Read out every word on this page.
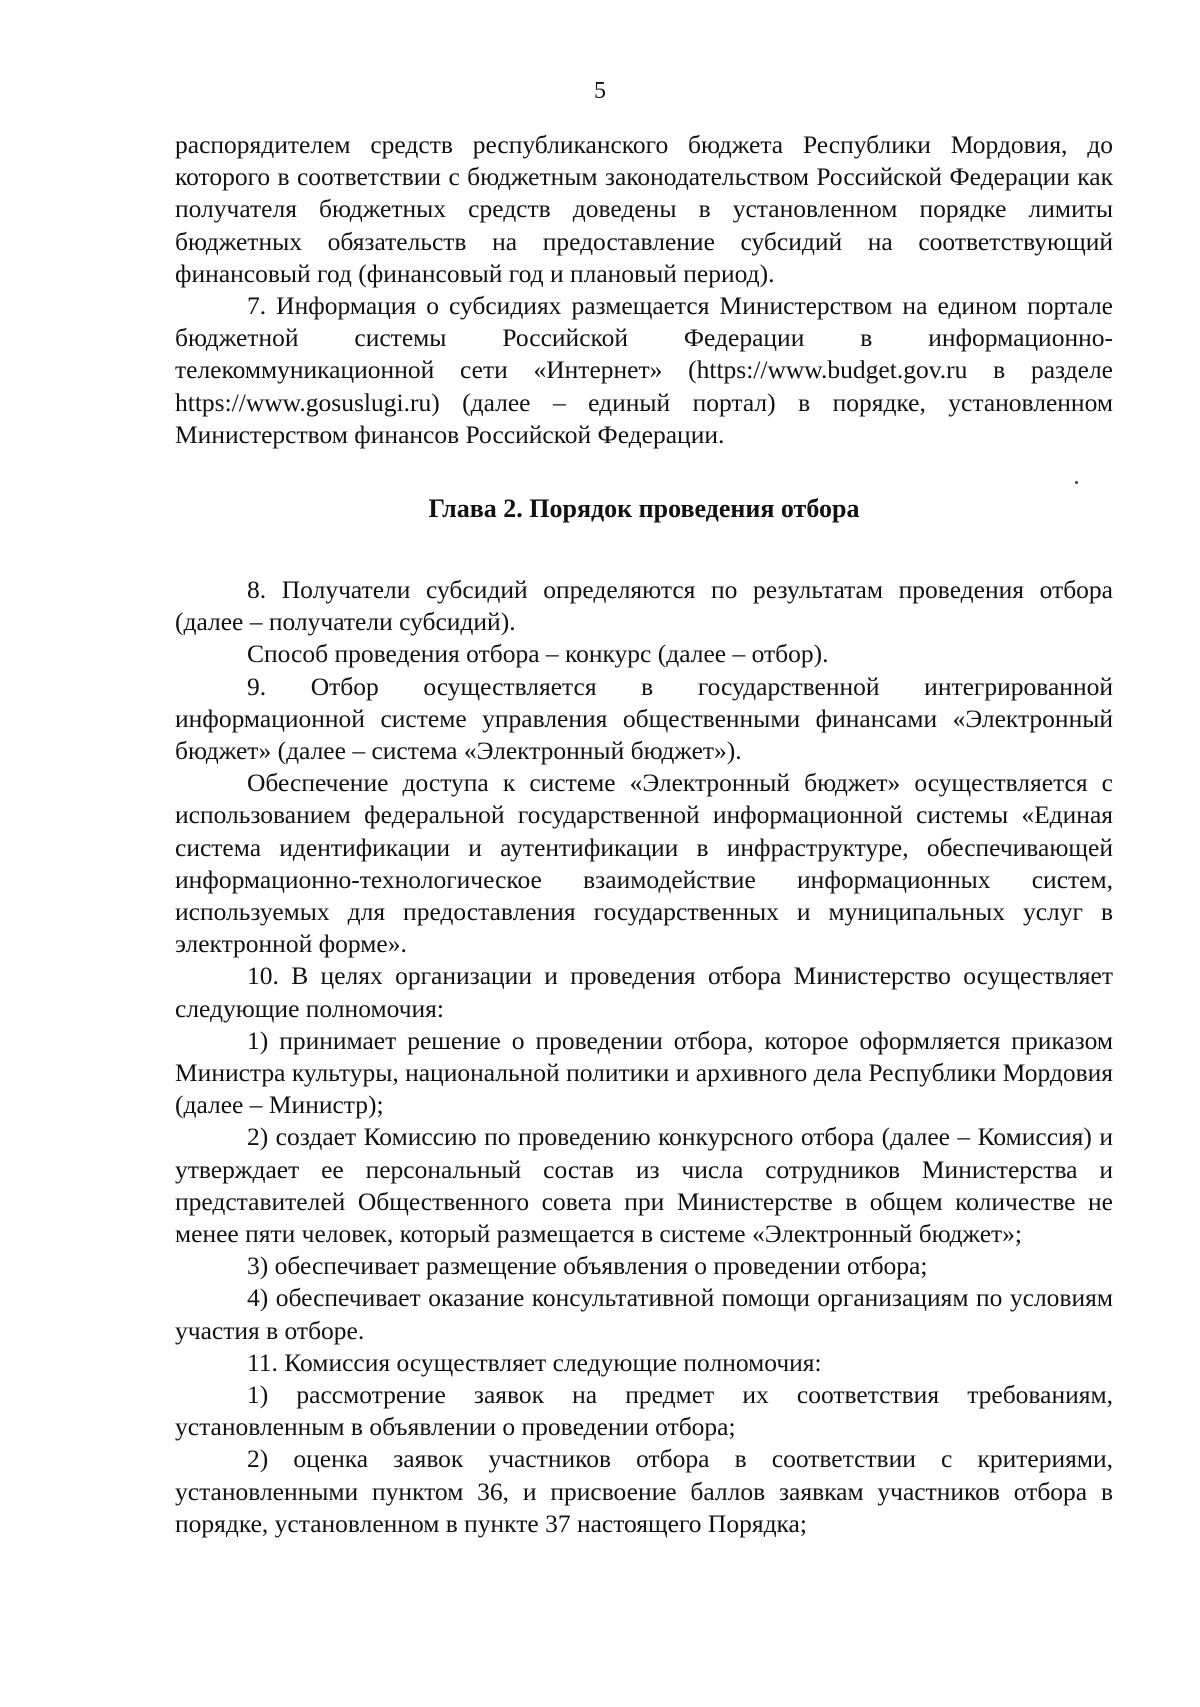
5

распорядителем средств республиканского бюджета Республики Мордовия, до которого в соответствии с бюджетным законодательством Российской Федерации как получателя бюджетных средств доведены в установленном порядке лимиты бюджетных обязательств на предоставление субсидий на соответствующий финансовый год (финансовый год и плановый период).

7. Информация о субсидиях размещается Министерством на едином портале бюджетной системы Российской Федерации в информационно-телекоммуникационной сети «Интернет» (https://www.budget.gov.ru в разделе https://www.gosuslugi.ru) (далее – единый портал) в порядке, установленном Министерством финансов Российской Федерации.

Глава 2. Порядок проведения отбора

8. Получатели субсидий определяются по результатам проведения отбора (далее – получатели субсидий).

Способ проведения отбора – конкурс (далее – отбор).

9. Отбор осуществляется в государственной интегрированной информационной системе управления общественными финансами «Электронный бюджет» (далее – система «Электронный бюджет»).

Обеспечение доступа к системе «Электронный бюджет» осуществляется с использованием федеральной государственной информационной системы «Единая система идентификации и аутентификации в инфраструктуре, обеспечивающей информационно-технологическое взаимодействие информационных систем, используемых для предоставления государственных и муниципальных услуг в электронной форме».

10. В целях организации и проведения отбора Министерство осуществляет следующие полномочия:

1) принимает решение о проведении отбора, которое оформляется приказом Министра культуры, национальной политики и архивного дела Республики Мордовия (далее – Министр);

2) создает Комиссию по проведению конкурсного отбора (далее – Комиссия) и утверждает ее персональный состав из числа сотрудников Министерства и представителей Общественного совета при Министерстве в общем количестве не менее пяти человек, который размещается в системе «Электронный бюджет»;

3) обеспечивает размещение объявления о проведении отбора;

4) обеспечивает оказание консультативной помощи организациям по условиям участия в отборе.

11. Комиссия осуществляет следующие полномочия:

1) рассмотрение заявок на предмет их соответствия требованиям, установленным в объявлении о проведении отбора;

2) оценка заявок участников отбора в соответствии с критериями, установленными пунктом 36, и присвоение баллов заявкам участников отбора в порядке, установленном в пункте 37 настоящего Порядка;
